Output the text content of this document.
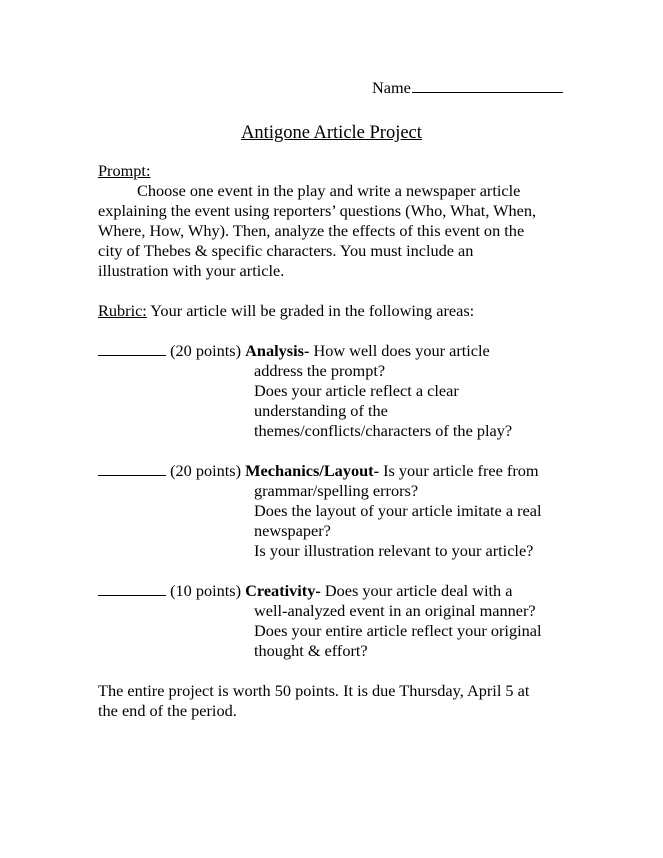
Name
Antigone Article Project
Prompt:
Choose one event in the play and write a newspaper article
explaining the event using reporters’ questions (Who, What, When,
Where, How, Why). Then, analyze the effects of this event on the
city of Thebes & specific characters. You must include an
illustration with your article.
Rubric: Your article will be graded in the following areas:
(20 points) Analysis- How well does your article
address the prompt?
Does your article reflect a clear
understanding of the
themes/conflicts/characters of the play?
(20 points) Mechanics/Layout- Is your article free from
grammar/spelling errors?
Does the layout of your article imitate a real
newspaper?
Is your illustration relevant to your article?
(10 points) Creativity- Does your article deal with a
well-analyzed event in an original manner?
Does your entire article reflect your original
thought & effort?
The entire project is worth 50 points. It is due Thursday, April 5 at
the end of the period.
